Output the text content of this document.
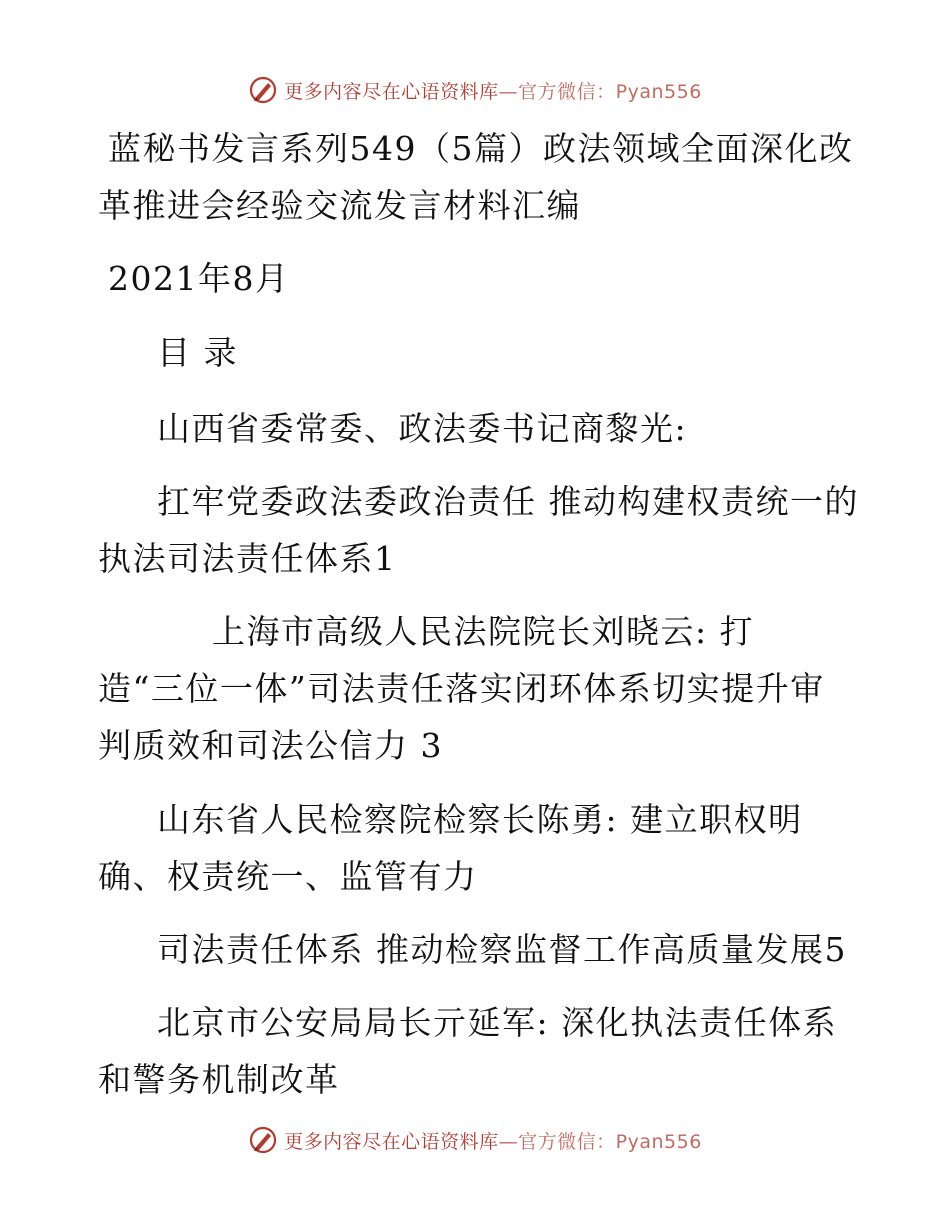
更多内容尽在心语资料库—官方微信：Pyan556
蓝秘书发言系列549（5篇）政法领域全面深化改
革推进会经验交流发言材料汇编
2021年8月
目 录
山西省委常委、政法委书记商黎光:
扛牢党委政法委政治责任 推动构建权责统一的
执法司法责任体系1
上海市高级人民法院院长刘晓云: 打
造“三位一体”司法责任落实闭环体系切实提升审
判质效和司法公信力 3
山东省人民检察院检察长陈勇: 建立职权明
确、权责统一、监管有力
司法责任体系 推动检察监督工作高质量发展5
北京市公安局局长亓延军: 深化执法责任体系
和警务机制改革
更多内容尽在心语资料库—官方微信：Pyan556
